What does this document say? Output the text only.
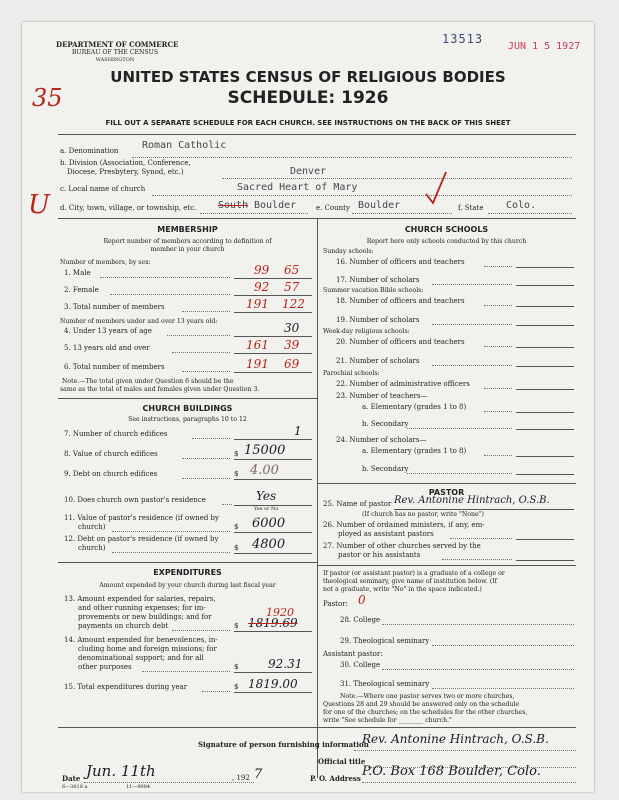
DEPARTMENT OF COMMERCE
BUREAU OF THE CENSUS
WASHINGTON
13513
JUN 1 5 1927
35
UNITED STATES CENSUS OF RELIGIOUS BODIES
SCHEDULE: 1926
FILL OUT A SEPARATE SCHEDULE FOR EACH CHURCH. SEE INSTRUCTIONS ON THE BACK OF THIS SHEET
a. Denomination Roman Catholic
b. Division (Association, Conference,
Diocese, Presbytery, Synod, etc.)	Denver
c. Local name of church	Sacred Heart of Mary
U d. City, town, village, or township, etc. South Boulder	e. County Boulder	f. State Colo.
MEMBERSHIP
Report number of members according to definition of
member in your church
Number of members, by sex:
1. Male	99 65
2. Female	92 57
3. Total number of members	191 122
Number of members under and over 13 years old:
4. Under 13 years of age	30
5. 13 years old and over	161 39
6. Total number of members	191 69
Note.—The total given under Question 6 should be the
same as the total of males and females given under Question 3.
CHURCH BUILDINGS
See instructions, paragraphs 10 to 12
7. Number of church edifices	1
8. Value of church edifices	$ 15000
9. Debt on church edifices	$ 4.00
10. Does church own pastor's residence	Yes
Yes or No
11. Value of pastor's residence (if owned by
church)	$ 6000
12. Debt on pastor's residence (if owned by
church)	$ 4800
EXPENDITURES
Amount expended by your church during last fiscal year
13. Amount expended for salaries, repairs,
and other running expenses; for im-
provements or new buildings; and for
payments on church debt
1920
$ 1819.69
14. Amount expended for benevolences, in-
cluding home and foreign missions; for
denominational support; and for all
other purposes	$ 92.31
15. Total expenditures during year	$ 1819.00
CHURCH SCHOOLS
Report here only schools conducted by this church
Sunday schools:
16. Number of officers and teachers
17. Number of scholars
Summer vacation Bible schools:
18. Number of officers and teachers
19. Number of scholars
Week-day religious schools:
20. Number of officers and teachers
21. Number of scholars
Parochial schools:
22. Number of administrative officers
23. Number of teachers—
a. Elementary (grades 1 to 8)
b. Secondary
24. Number of scholars—
a. Elementary (grades 1 to 8)
b. Secondary
PASTOR
25. Name of pastor Rev. Antonine Hintrach, O.S.B.
(If church has no pastor, write "None")
26. Number of ordained ministers, if any, em-
ployed as assistant pastors
27. Number of other churches served by the
pastor or his assistants
If pastor (or assistant pastor) is a graduate of a college or
theological seminary, give name of institution below. (If
not a graduate, write "No" in the space indicated.)
Pastor: 0
28. College
29. Theological seminary
Assistant pastor:
30. College
31. Theological seminary
Note.—Where one pastor serves two or more churches,
Questions 28 and 29 should be answered only on the schedule
for one of the churches; on the schedules for the other churches,
write "See schedule for ________ church."
Signature of person furnishing information
Rev. Antonine Hintrach, O.S.B.
Official title
Date Jun. 11th	, 192 7	P. O. Address P.O. Box 168 Boulder, Colo.
6—3618 a	11—9084
